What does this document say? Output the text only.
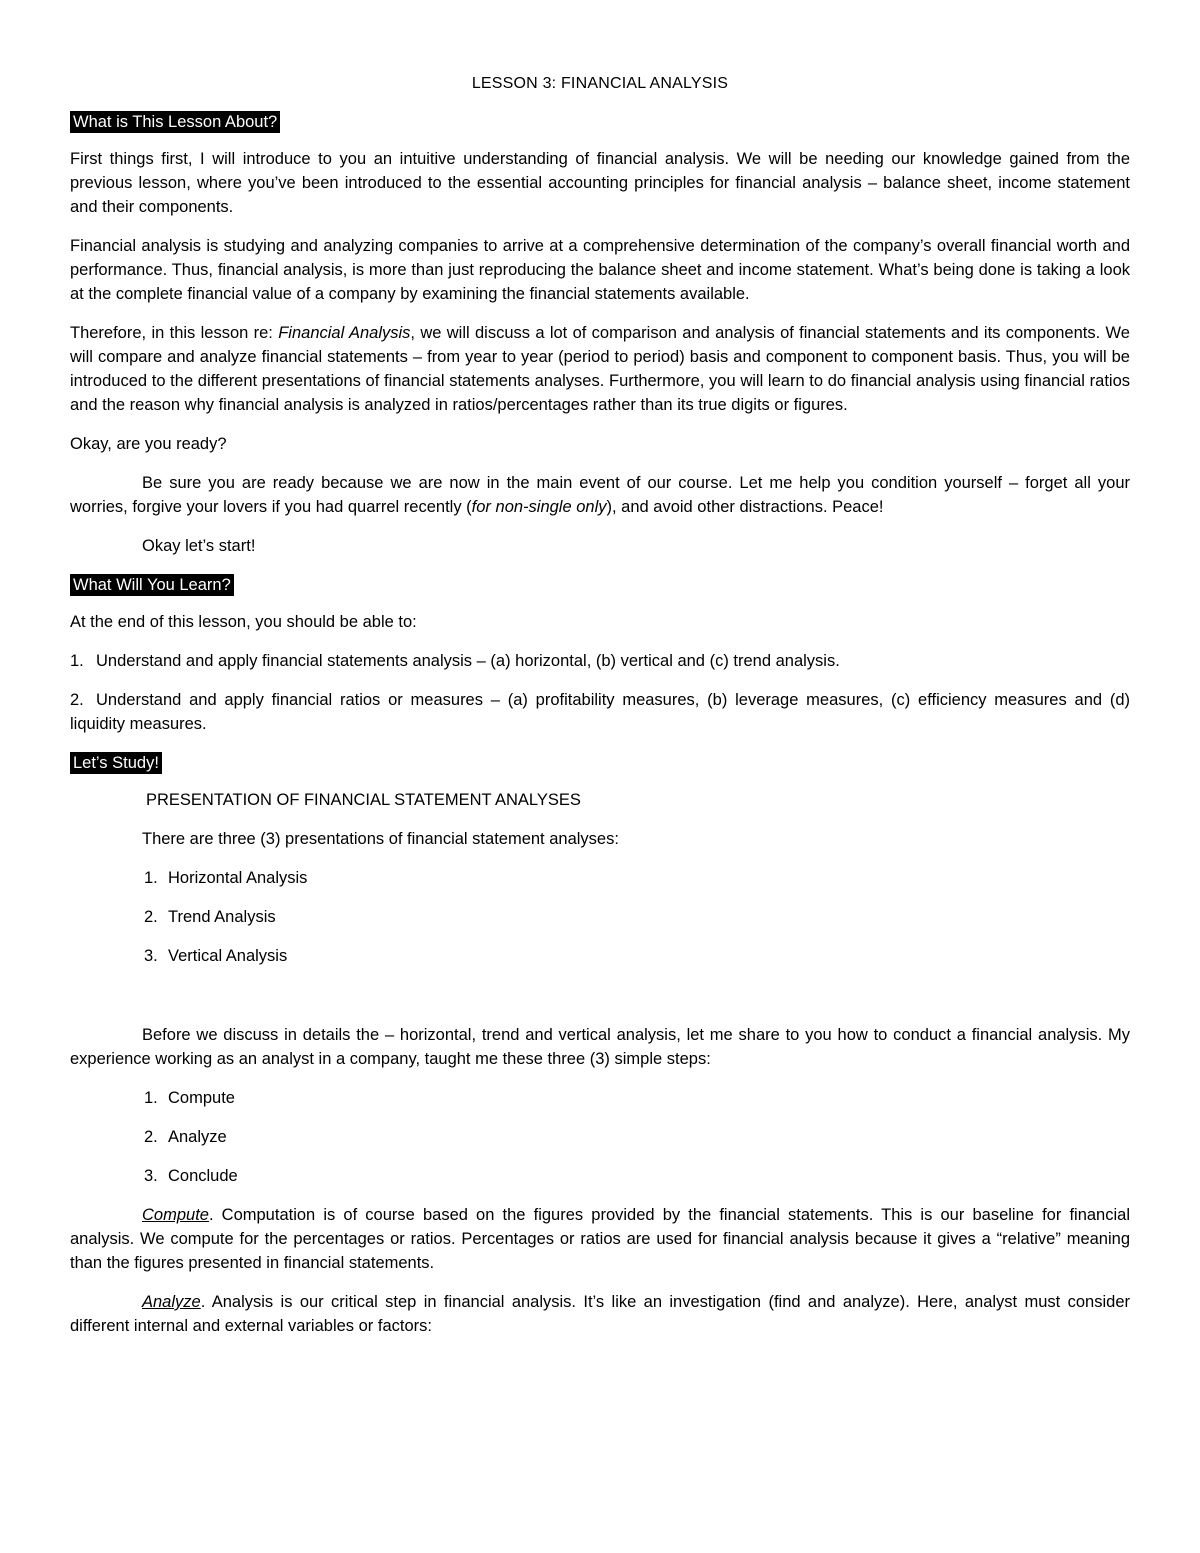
LESSON 3: FINANCIAL ANALYSIS
What is This Lesson About?

First things first, I will introduce to you an intuitive understanding of financial analysis. We will be needing our knowledge gained from the previous lesson, where you’ve been introduced to the essential accounting principles for financial analysis – balance sheet, income statement and their components.

Financial analysis is studying and analyzing companies to arrive at a comprehensive determination of the company’s overall financial worth and performance. Thus, financial analysis, is more than just reproducing the balance sheet and income statement. What’s being done is taking a look at the complete financial value of a company by examining the financial statements available.

Therefore, in this lesson re: Financial Analysis, we will discuss a lot of comparison and analysis of financial statements and its components. We will compare and analyze financial statements – from year to year (period to period) basis and component to component basis. Thus, you will be introduced to the different presentations of financial statements analyses. Furthermore, you will learn to do financial analysis using financial ratios and the reason why financial analysis is analyzed in ratios/percentages rather than its true digits or figures.

Okay, are you ready?

Be sure you are ready because we are now in the main event of our course. Let me help you condition yourself – forget all your worries, forgive your lovers if you had quarrel recently (for non-single only), and avoid other distractions. Peace!

Okay let’s start!

What Will You Learn?

At the end of this lesson, you should be able to:

1. Understand and apply financial statements analysis – (a) horizontal, (b) vertical and (c) trend analysis.
2. Understand and apply financial ratios or measures – (a) profitability measures, (b) leverage measures, (c) efficiency measures and (d) liquidity measures.
Let’s Study!

PRESENTATION OF FINANCIAL STATEMENT ANALYSES

There are three (3) presentations of financial statement analyses:

1. Horizontal Analysis
2. Trend Analysis
3. Vertical Analysis

Before we discuss in details the – horizontal, trend and vertical analysis, let me share to you how to conduct a financial analysis. My experience working as an analyst in a company, taught me these three (3) simple steps:

1. Compute
2. Analyze
3. Conclude

Compute. Computation is of course based on the figures provided by the financial statements. This is our baseline for financial analysis. We compute for the percentages or ratios. Percentages or ratios are used for financial analysis because it gives a “relative” meaning than the figures presented in financial statements.

Analyze. Analysis is our critical step in financial analysis. It’s like an investigation (find and analyze). Here, analyst must consider different internal and external variables or factors:
